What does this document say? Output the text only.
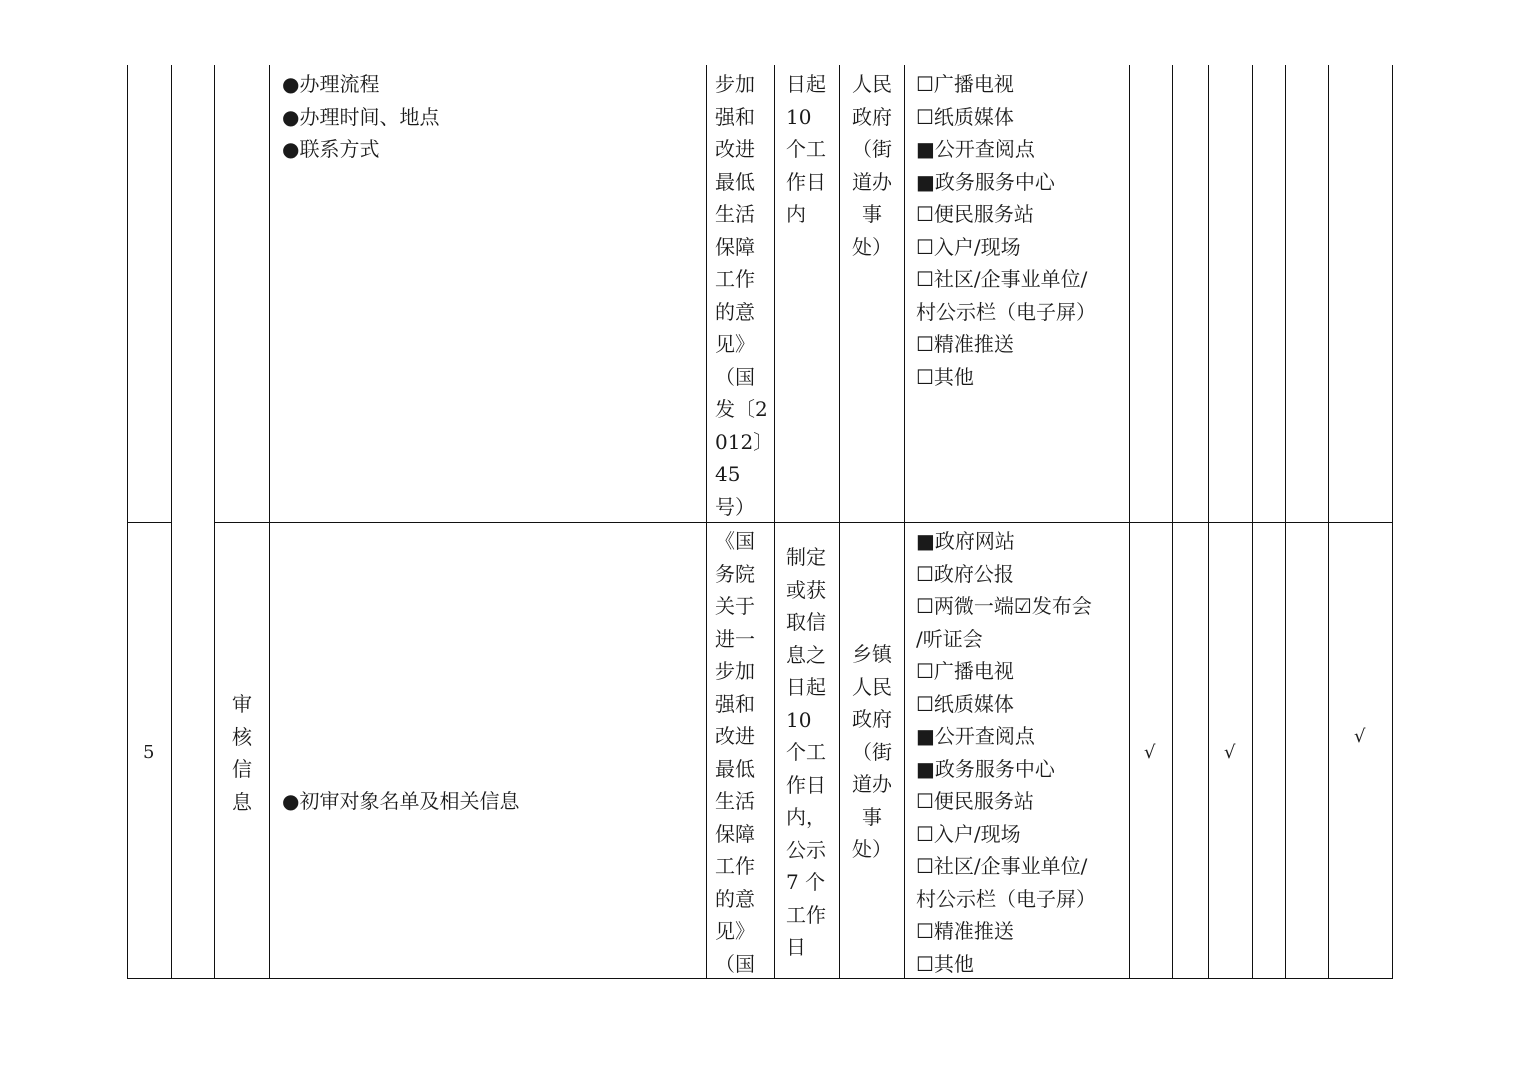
●办理流程
●办理时间、地点
●联系方式
步加
强和
改进
最低
生活
保障
工作
的意
见》
（国
发〔2
012〕
45
号）
日起
10
个工
作日
内
人民
政府
（街
道办
事
处）
☐广播电视
☐纸质媒体
■公开查阅点
■政务服务中心
☐便民服务站
☐入户/现场
☐社区/企事业单位/
村公示栏（电子屏）
☐精准推送
☐其他
5
审
核
信
息 ●初审对象名单及相关信息
《国
务院
关于
进一
步加
强和
改进
最低
生活
保障
工作
的意
见》
（国
制定
或获
取信
息之
日起
10
个工
作日
内，
公示
7 个
工作
日
乡镇
人民
政府
（街
道办
事
处）
■政府网站
☐政府公报
☐两微一端☑发布会
/听证会
☐广播电视
☐纸质媒体
■公开查阅点
■政务服务中心
☐便民服务站
☐入户/现场
☐社区/企事业单位/
村公示栏（电子屏）
☐精准推送
☐其他
√	√
√
